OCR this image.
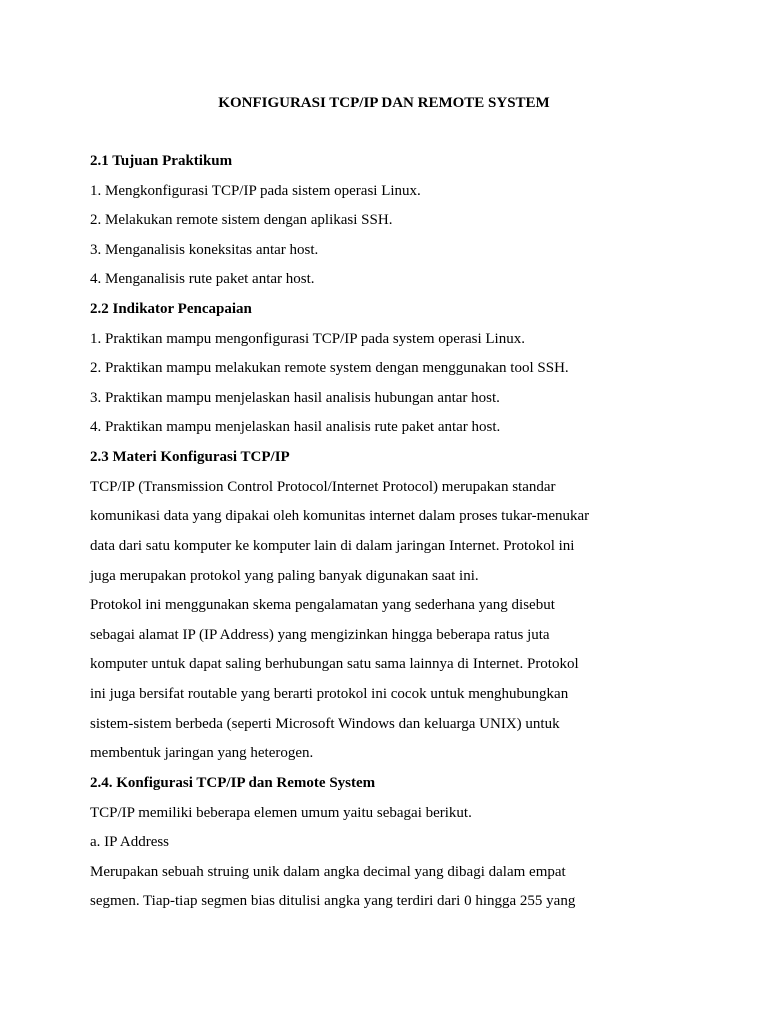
KONFIGURASI TCP/IP DAN REMOTE SYSTEM
2.1 Tujuan Praktikum
1. Mengkonfigurasi TCP/IP pada sistem operasi Linux.
2. Melakukan remote sistem dengan aplikasi SSH.
3. Menganalisis koneksitas antar host.
4. Menganalisis rute paket antar host.
2.2 Indikator Pencapaian
1. Praktikan mampu mengonfigurasi TCP/IP pada system operasi Linux.
2. Praktikan mampu melakukan remote system dengan menggunakan tool SSH.
3. Praktikan mampu menjelaskan hasil analisis hubungan antar host.
4. Praktikan mampu menjelaskan hasil analisis rute paket antar host.
2.3 Materi Konfigurasi TCP/IP
TCP/IP (Transmission Control Protocol/Internet Protocol) merupakan standar
komunikasi data yang dipakai oleh komunitas internet dalam proses tukar-menukar
data dari satu komputer ke komputer lain di dalam jaringan Internet. Protokol ini
juga merupakan protokol yang paling banyak digunakan saat ini.
Protokol ini menggunakan skema pengalamatan yang sederhana yang disebut
sebagai alamat IP (IP Address) yang mengizinkan hingga beberapa ratus juta
komputer untuk dapat saling berhubungan satu sama lainnya di Internet. Protokol
ini juga bersifat routable yang berarti protokol ini cocok untuk menghubungkan
sistem-sistem berbeda (seperti Microsoft Windows dan keluarga UNIX) untuk
membentuk jaringan yang heterogen.
2.4. Konfigurasi TCP/IP dan Remote System
TCP/IP memiliki beberapa elemen umum yaitu sebagai berikut.
a. IP Address
Merupakan sebuah struing unik dalam angka decimal yang dibagi dalam empat
segmen. Tiap-tiap segmen bias ditulisi angka yang terdiri dari 0 hingga 255 yang
